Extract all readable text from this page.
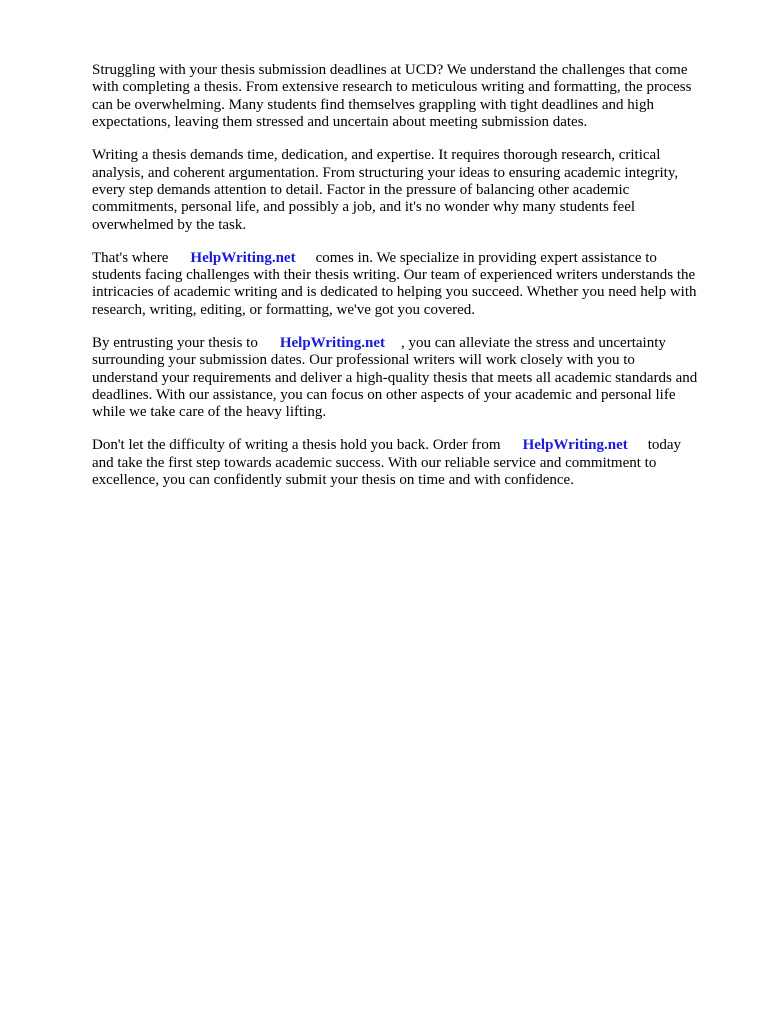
Struggling with your thesis submission deadlines at UCD? We understand the challenges that come
with completing a thesis. From extensive research to meticulous writing and formatting, the process
can be overwhelming. Many students find themselves grappling with tight deadlines and high
expectations, leaving them stressed and uncertain about meeting submission dates.

Writing a thesis demands time, dedication, and expertise. It requires thorough research, critical
analysis, and coherent argumentation. From structuring your ideas to ensuring academic integrity,
every step demands attention to detail. Factor in the pressure of balancing other academic
commitments, personal life, and possibly a job, and it's no wonder why many students feel
overwhelmed by the task.

That's where HelpWriting.net comes in. We specialize in providing expert assistance to
students facing challenges with their thesis writing. Our team of experienced writers understands the
intricacies of academic writing and is dedicated to helping you succeed. Whether you need help with
research, writing, editing, or formatting, we've got you covered.

By entrusting your thesis to HelpWriting.net , you can alleviate the stress and uncertainty
surrounding your submission dates. Our professional writers will work closely with you to
understand your requirements and deliver a high-quality thesis that meets all academic standards and
deadlines. With our assistance, you can focus on other aspects of your academic and personal life
while we take care of the heavy lifting.

Don't let the difficulty of writing a thesis hold you back. Order from HelpWriting.net today
and take the first step towards academic success. With our reliable service and commitment to
excellence, you can confidently submit your thesis on time and with confidence.
